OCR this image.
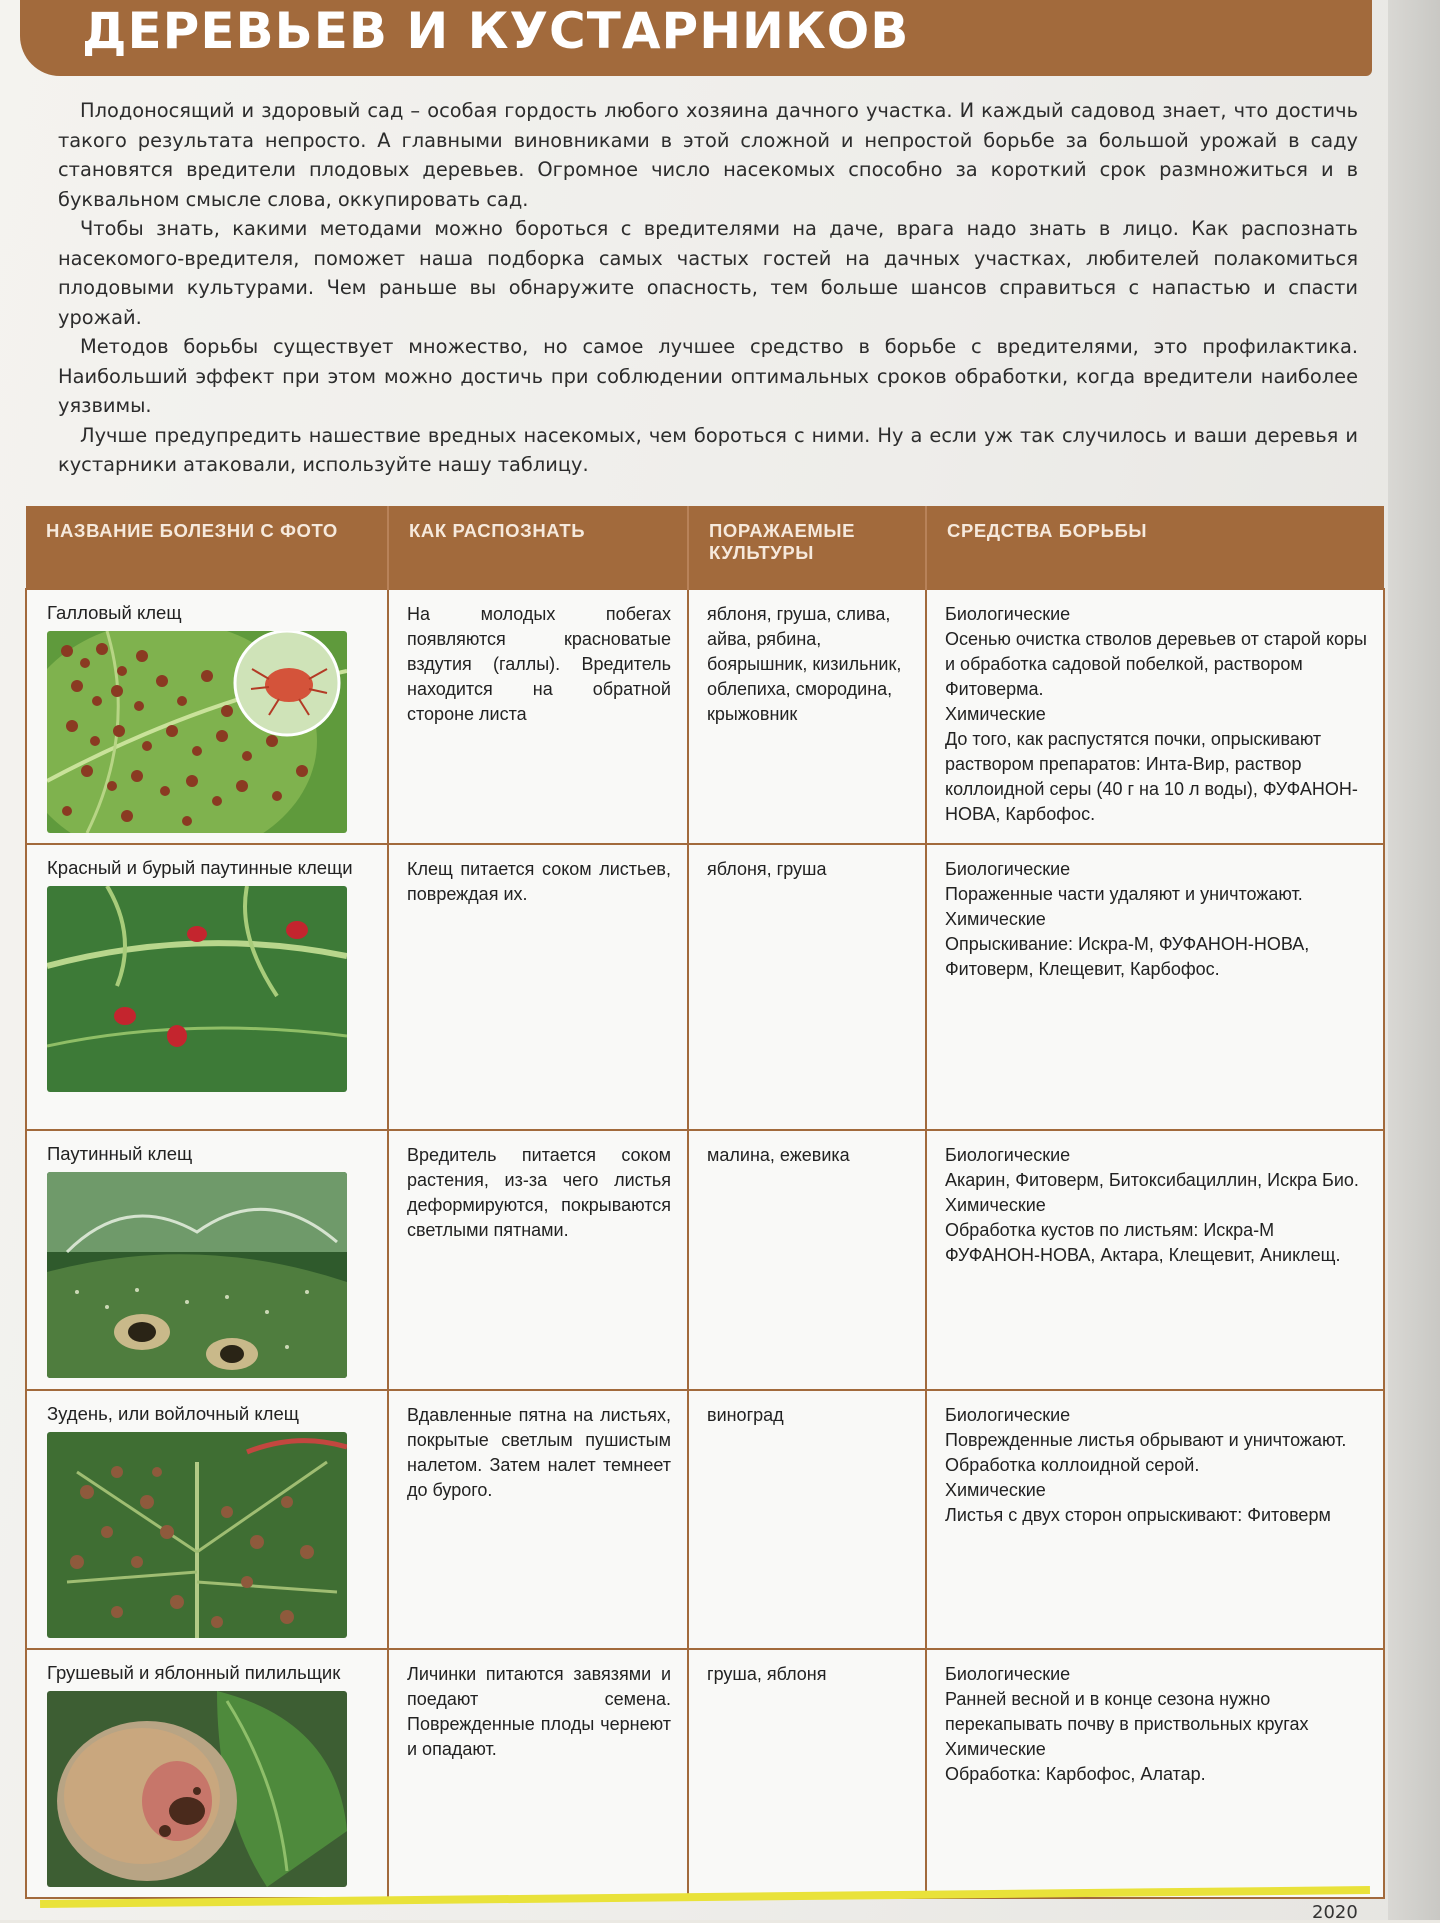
ДЕРЕВЬЕВ И КУСТАРНИКОВ

Плодоносящий и здоровый сад – особая гордость любого хозяина дачного участка. И каждый садовод знает, что достичь такого результата непросто. А главными виновниками в этой сложной и непростой борьбе за большой урожай в саду становятся вредители плодовых деревьев. Огромное число насекомых способно за короткий срок размножиться и в буквальном смысле слова, оккупировать сад.

Чтобы знать, какими методами можно бороться с вредителями на даче, врага надо знать в лицо. Как распознать насекомого-вредителя, поможет наша подборка самых частых гостей на дачных участках, любителей полакомиться плодовыми культурами. Чем раньше вы обнаружите опасность, тем больше шансов справиться с напастью и спасти урожай.

Методов борьбы существует множество, но самое лучшее средство в борьбе с вредителями, это профилактика. Наибольший эффект при этом можно достичь при соблюдении оптимальных сроков обработки, когда вредители наиболее уязвимы.

Лучше предупредить нашествие вредных насекомых, чем бороться с ними. Ну а если уж так случилось и ваши деревья и кустарники атаковали, используйте нашу таблицу.

НАЗВАНИЕ БОЛЕЗНИ С ФОТО	КАК РАСПОЗНАТЬ	ПОРАЖАЕМЫЕ КУЛЬТУРЫ	СРЕДСТВА БОРЬБЫ

Галловый клещ	На молодых побегах появляются красноватые вздутия (галлы). Вредитель находится на обратной стороне листа	яблоня, груша, слива, айва, рябина, боярышник, кизильник, облепиха, смородина, крыжовник	Биологические
Осенью очистка стволов деревьев от старой коры и обработка садовой побелкой, раствором Фитоверма.
Химические
До того, как распустятся почки, опрыскивают раствором препаратов: Инта-Вир, раствор коллоидной серы (40 г на 10 л воды), ФУФАНОН-НОВА, Карбофос.

Красный и бурый паутинные клещи	Клещ питается соком листьев, повреждая их.	яблоня, груша	Биологические
Пораженные части удаляют и уничтожают.
Химические
Опрыскивание: Искра-М, ФУФАНОН-НОВА, Фитоверм, Клещевит, Карбофос.

Паутинный клещ	Вредитель питается соком растения, из-за чего листья деформируются, покрываются светлыми пятнами.	малина, ежевика	Биологические
Акарин, Фитоверм, Битоксибациллин, Искра Био.
Химические
Обработка кустов по листьям: Искра-М ФУФАНОН-НОВА, Актара, Клещевит, Аниклещ.

Зудень, или войлочный клещ	Вдавленные пятна на листьях, покрытые светлым пушистым налетом. Затем налет темнеет до бурого.	виноград	Биологические
Поврежденные листья обрывают и уничтожают. Обработка коллоидной серой.
Химические
Листья с двух сторон опрыскивают: Фитоверм

Грушевый и яблонный пилильщик	Личинки питаются завязями и поедают семена. Поврежденные плоды чернеют и опадают.	груша, яблоня	Биологические
Ранней весной и в конце сезона нужно перекапывать почву в приствольных кругах
Химические
Обработка: Карбофос, Алатар.
2020
